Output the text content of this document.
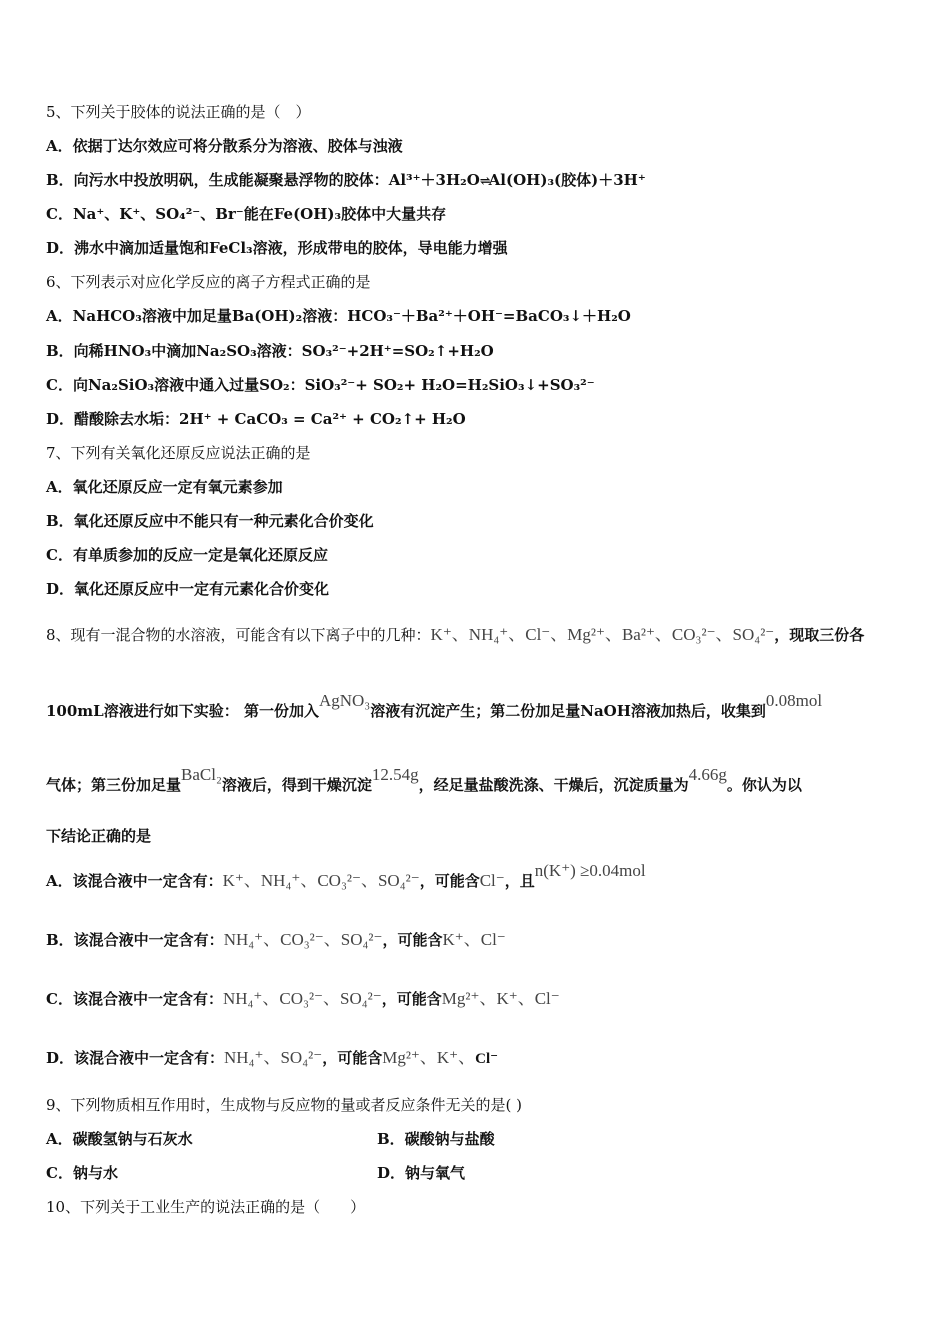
5、下列关于胶体的说法正确的是（　）
A．依据丁达尔效应可将分散系分为溶液、胶体与浊液
B．向污水中投放明矾，生成能凝聚悬浮物的胶体：Al³⁺＋3H₂O⇌Al(OH)₃(胶体)＋3H⁺
C．Na⁺、K⁺、SO₄²⁻、Br⁻能在Fe(OH)₃胶体中大量共存
D．沸水中滴加适量饱和FeCl₃溶液，形成带电的胶体，导电能力增强
6、下列表示对应化学反应的离子方程式正确的是
A．NaHCO₃溶液中加足量Ba(OH)₂溶液：HCO₃⁻＋Ba²⁺＋OH⁻=BaCO₃↓＋H₂O
B．向稀HNO₃中滴加Na₂SO₃溶液：SO₃²⁻+2H⁺=SO₂↑+H₂O
C．向Na₂SiO₃溶液中通入过量SO₂：SiO₃²⁻+ SO₂+ H₂O=H₂SiO₃↓+SO₃²⁻
D．醋酸除去水垢：2H⁺ + CaCO₃ = Ca²⁺ + CO₂↑+ H₂O
7、下列有关氧化还原反应说法正确的是
A．氧化还原反应一定有氧元素参加
B．氧化还原反应中不能只有一种元素化合价变化
C．有单质参加的反应一定是氧化还原反应
D．氧化还原反应中一定有元素化合价变化
8、现有一混合物的水溶液，可能含有以下离子中的几种：K⁺、NH₄⁺、Cl⁻、Mg²⁺、Ba²⁺、CO₃²⁻、SO₄²⁻，现取三份各
100mL溶液进行如下实验： 第一份加入AgNO₃溶液有沉淀产生；第二份加足量NaOH溶液加热后，收集到0.08mol
气体；第三份加足量BaCl₂溶液后，得到干燥沉淀12.54g，经足量盐酸洗涤、干燥后，沉淀质量为4.66g。你认为以
下结论正确的是
A．该混合液中一定含有：K⁺、NH₄⁺、CO₃²⁻、SO₄²⁻，可能含Cl⁻，且n(K⁺) ≥0.04mol
B．该混合液中一定含有：NH₄⁺、CO₃²⁻、SO₄²⁻，可能含K⁺、Cl⁻
C．该混合液中一定含有：NH₄⁺、CO₃²⁻、SO₄²⁻，可能含Mg²⁺、K⁺、Cl⁻
D．该混合液中一定含有：NH₄⁺、SO₄²⁻，可能含Mg²⁺、K⁺、Cl⁻
9、下列物质相互作用时，生成物与反应物的量或者反应条件无关的是( )
A．碳酸氢钠与石灰水	B．碳酸钠与盐酸
C．钠与水	D．钠与氧气
10、下列关于工业生产的说法正确的是（　　）
